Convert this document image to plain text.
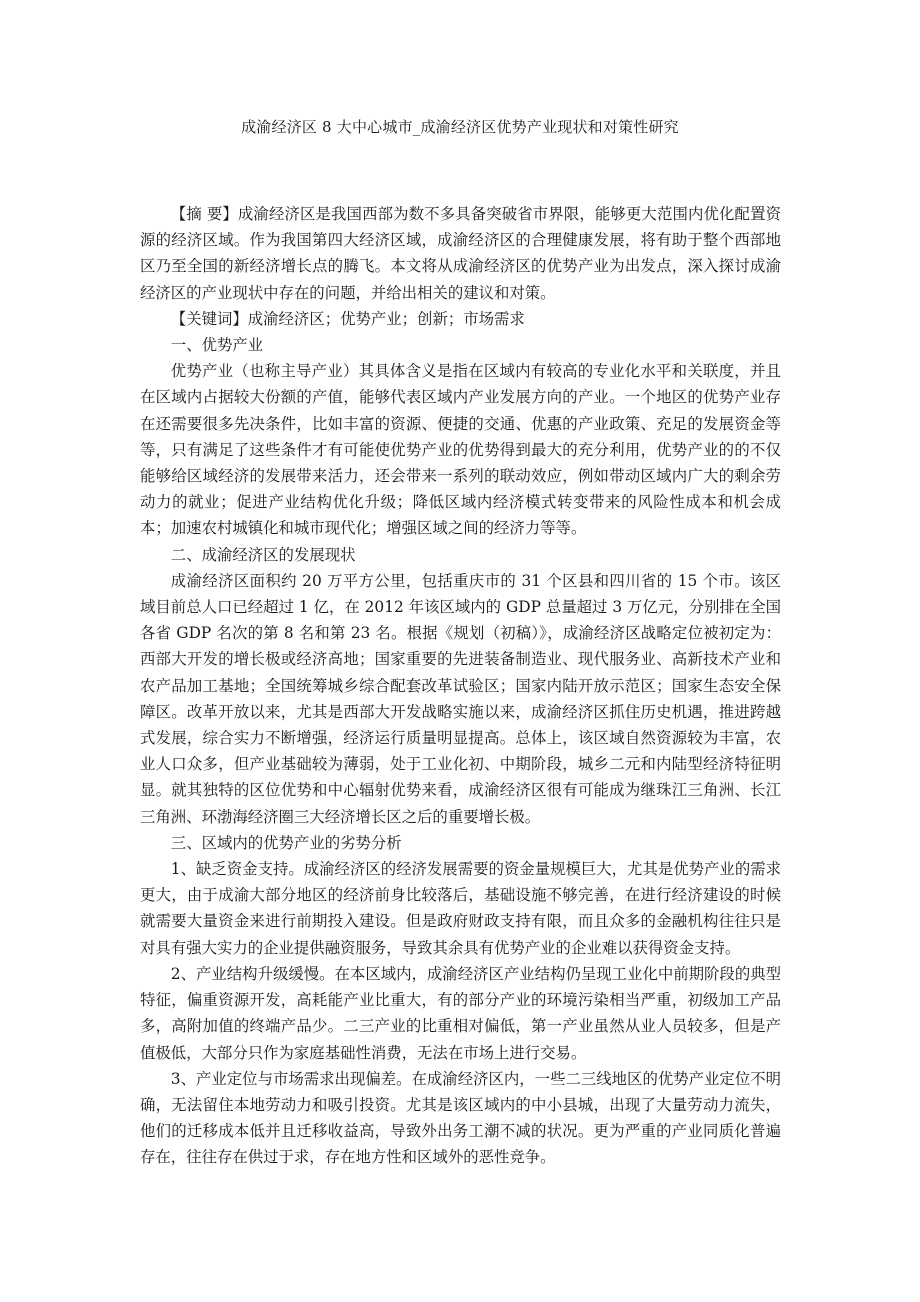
成渝经济区 8 大中心城市_成渝经济区优势产业现状和对策性研究

【摘 要】成渝经济区是我国西部为数不多具备突破省市界限，能够更大范围内优化配置资源的经济区域。作为我国第四大经济区域，成渝经济区的合理健康发展，将有助于整个西部地区乃至全国的新经济增长点的腾飞。本文将从成渝经济区的优势产业为出发点，深入探讨成渝经济区的产业现状中存在的问题，并给出相关的建议和对策。

【关键词】成渝经济区；优势产业；创新；市场需求

一、优势产业

优势产业（也称主导产业）其具体含义是指在区域内有较高的专业化水平和关联度，并且在区域内占据较大份额的产值，能够代表区域内产业发展方向的产业。一个地区的优势产业存在还需要很多先决条件，比如丰富的资源、便捷的交通、优惠的产业政策、充足的发展资金等等，只有满足了这些条件才有可能使优势产业的优势得到最大的充分利用，优势产业的的不仅能够给区域经济的发展带来活力，还会带来一系列的联动效应，例如带动区域内广大的剩余劳动力的就业；促进产业结构优化升级；降低区域内经济模式转变带来的风险性成本和机会成本；加速农村城镇化和城市现代化；增强区域之间的经济力等等。

二、成渝经济区的发展现状

成渝经济区面积约 20 万平方公里，包括重庆市的 31 个区县和四川省的 15 个市。该区域目前总人口已经超过 1 亿，在 2012 年该区域内的 GDP 总量超过 3 万亿元，分别排在全国各省 GDP 名次的第 8 名和第 23 名。根据《规划（初稿）》，成渝经济区战略定位被初定为：西部大开发的增长极或经济高地；国家重要的先进装备制造业、现代服务业、高新技术产业和农产品加工基地；全国统筹城乡综合配套改革试验区；国家内陆开放示范区；国家生态安全保障区。改革开放以来，尤其是西部大开发战略实施以来，成渝经济区抓住历史机遇，推进跨越式发展，综合实力不断增强，经济运行质量明显提高。总体上，该区域自然资源较为丰富，农业人口众多，但产业基础较为薄弱，处于工业化初、中期阶段，城乡二元和内陆型经济特征明显。就其独特的区位优势和中心辐射优势来看，成渝经济区很有可能成为继珠江三角洲、长江三角洲、环渤海经济圈三大经济增长区之后的重要增长极。

三、区域内的优势产业的劣势分析

1、缺乏资金支持。成渝经济区的经济发展需要的资金量规模巨大，尤其是优势产业的需求更大，由于成渝大部分地区的经济前身比较落后，基础设施不够完善，在进行经济建设的时候就需要大量资金来进行前期投入建设。但是政府财政支持有限，而且众多的金融机构往往只是对具有强大实力的企业提供融资服务，导致其余具有优势产业的企业难以获得资金支持。

2、产业结构升级缓慢。在本区域内，成渝经济区产业结构仍呈现工业化中前期阶段的典型特征，偏重资源开发，高耗能产业比重大，有的部分产业的环境污染相当严重，初级加工产品多，高附加值的终端产品少。二三产业的比重相对偏低，第一产业虽然从业人员较多，但是产值极低，大部分只作为家庭基础性消费，无法在市场上进行交易。

3、产业定位与市场需求出现偏差。在成渝经济区内，一些二三线地区的优势产业定位不明确，无法留住本地劳动力和吸引投资。尤其是该区域内的中小县城，出现了大量劳动力流失，他们的迁移成本低并且迁移收益高，导致外出务工潮不减的状况。更为严重的产业同质化普遍存在，往往存在供过于求，存在地方性和区域外的恶性竞争。
